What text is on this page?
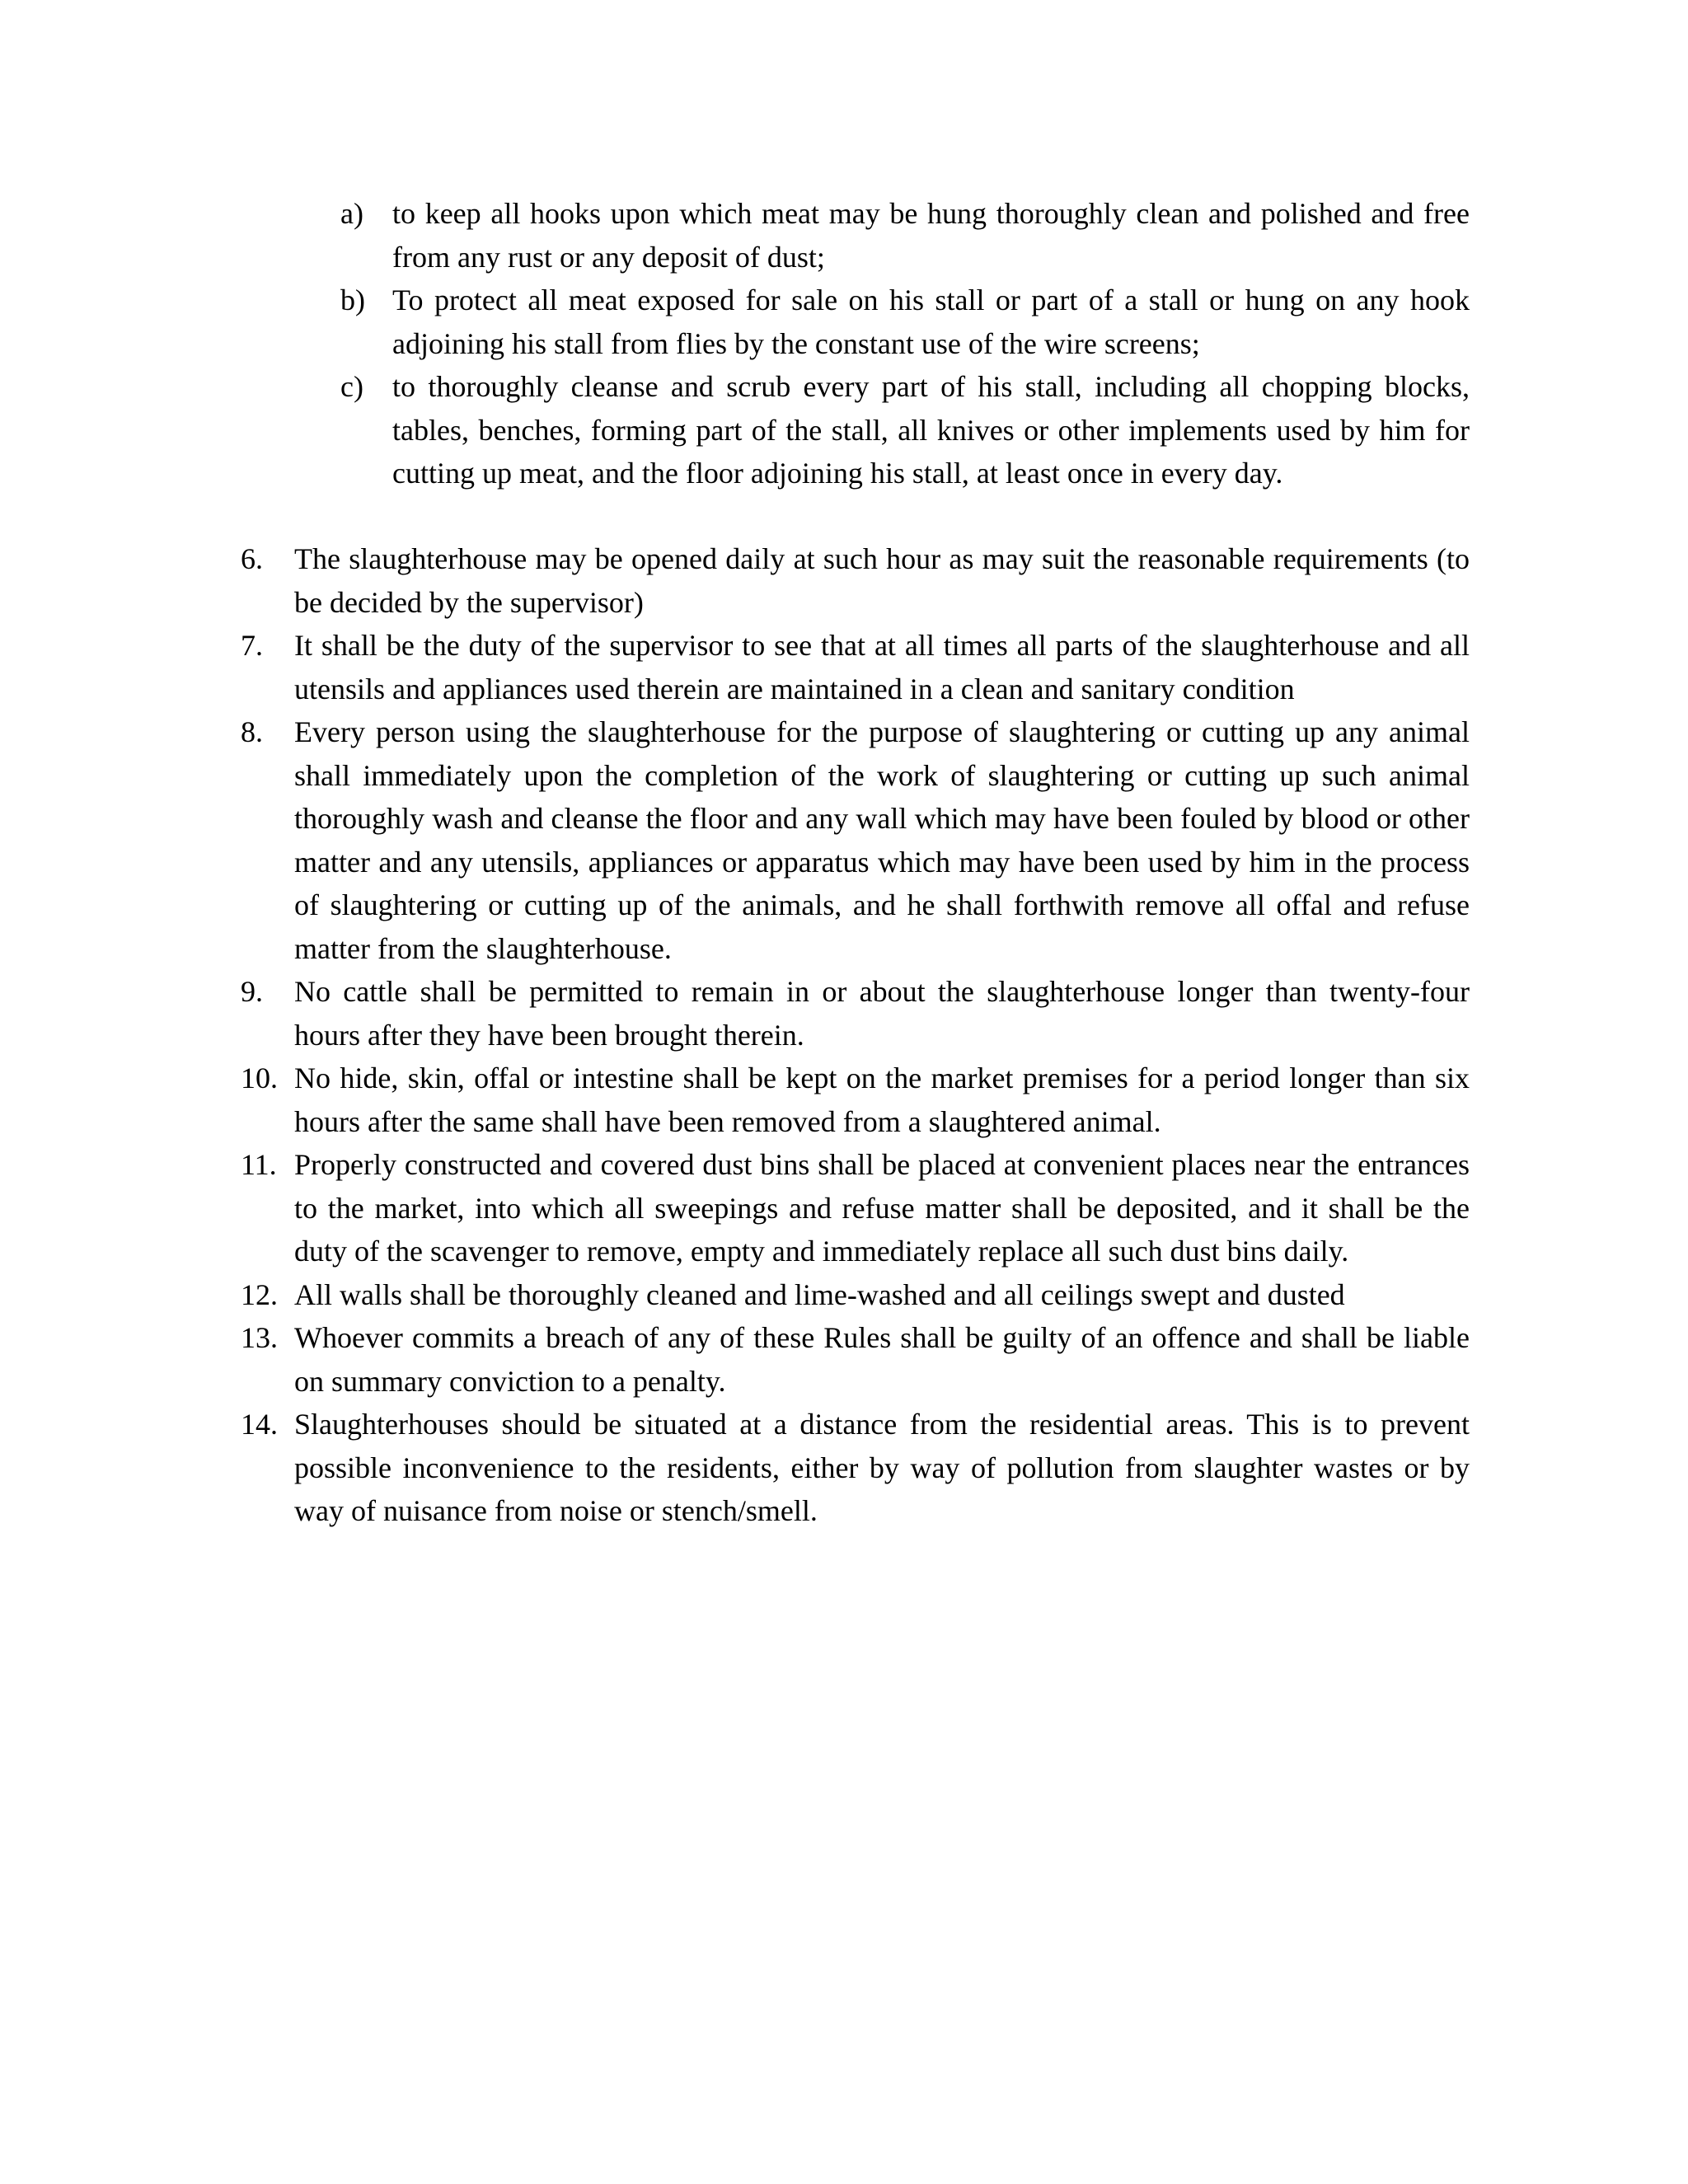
a) to keep all hooks upon which meat may be hung thoroughly clean and polished and free from any rust or any deposit of dust;
b) To protect all meat exposed for sale on his stall or part of a stall or hung on any hook adjoining his stall from flies by the constant use of the wire screens;
c) to thoroughly cleanse and scrub every part of his stall, including all chopping blocks, tables, benches, forming part of the stall, all knives or other implements used by him for cutting up meat, and the floor adjoining his stall, at least once in every day.
6.	The slaughterhouse may be opened daily at such hour as may suit the reasonable requirements (to be decided by the supervisor)
7.	It shall be the duty of the supervisor to see that at all times all parts of the slaughterhouse and all utensils and appliances used therein are maintained in a clean and sanitary condition
8.	Every person using the slaughterhouse for the purpose of slaughtering or cutting up any animal shall immediately upon the completion of the work of slaughtering or cutting up such animal thoroughly wash and cleanse the floor and any wall which may have been fouled by blood or other matter and any utensils, appliances or apparatus which may have been used by him in the process of slaughtering or cutting up of the animals, and he shall forthwith remove all offal and refuse matter from the slaughterhouse.
9.	No cattle shall be permitted to remain in or about the slaughterhouse longer than twenty-four hours after they have been brought therein.
10. No hide, skin, offal or intestine shall be kept on the market premises for a period longer than six hours after the same shall have been removed from a slaughtered animal.
11. Properly constructed and covered dust bins shall be placed at convenient places near the entrances to the market, into which all sweepings and refuse matter shall be deposited, and it shall be the duty of the scavenger to remove, empty and immediately replace all such dust bins daily.
12. All walls shall be thoroughly cleaned and lime-washed and all ceilings swept and dusted
13. Whoever commits a breach of any of these Rules shall be guilty of an offence and shall be liable on summary conviction to a penalty.
14. Slaughterhouses should be situated at a distance from the residential areas. This is to prevent possible inconvenience to the residents, either by way of pollution from slaughter wastes or by way of nuisance from noise or stench/smell.
